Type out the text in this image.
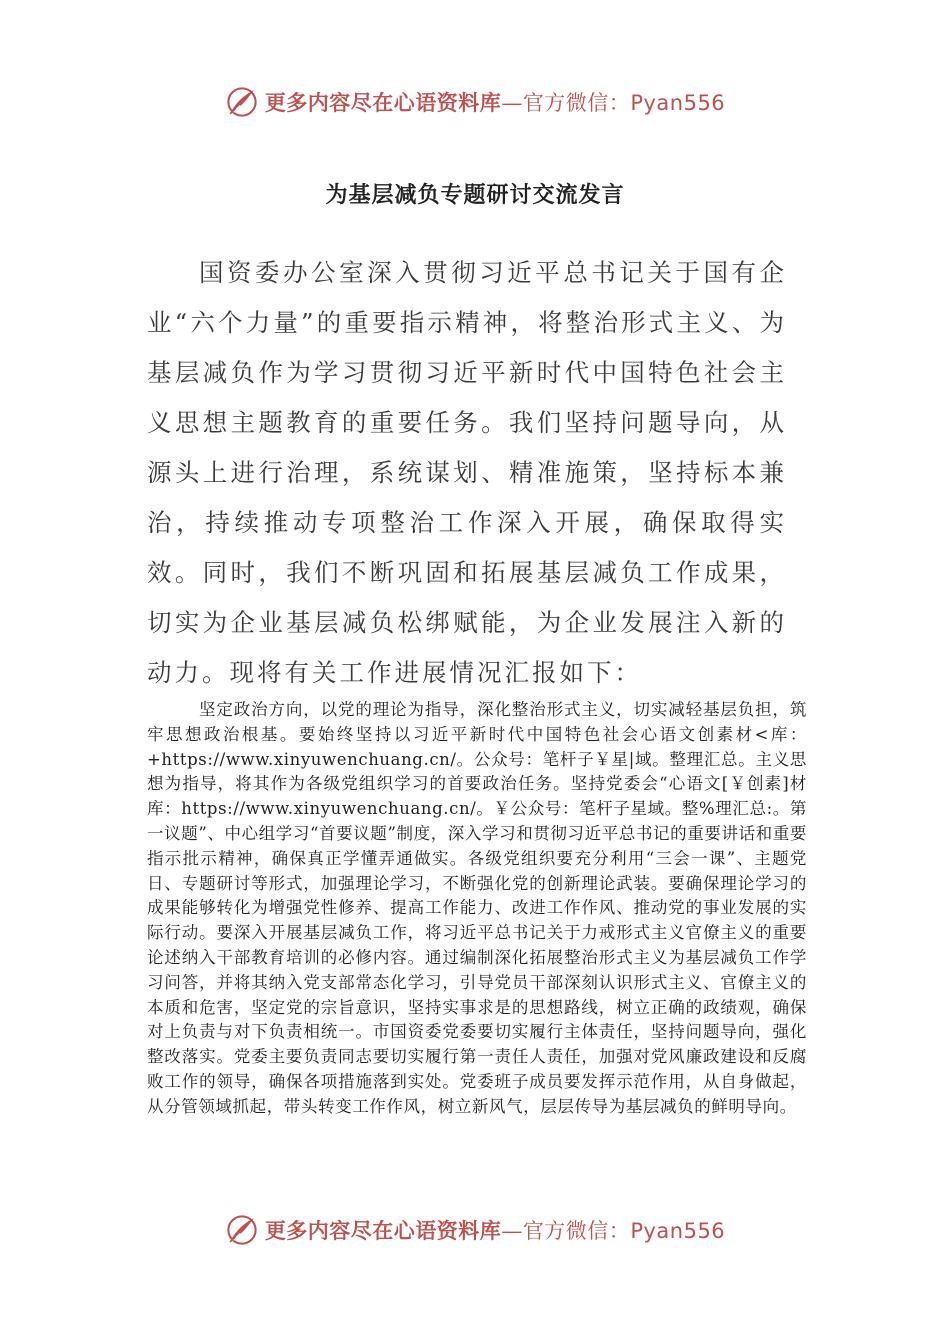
更多内容尽在心语资料库—官方微信：Pyan556
为基层减负专题研讨交流发言

国资委办公室深入贯彻习近平总书记关于国有企业“六个力量”的重要指示精神，将整治形式主义、为基层减负作为学习贯彻习近平新时代中国特色社会主义思想主题教育的重要任务。我们坚持问题导向，从源头上进行治理，系统谋划、精准施策，坚持标本兼治，持续推动专项整治工作深入开展，确保取得实效。同时，我们不断巩固和拓展基层减负工作成果，切实为企业基层减负松绑赋能，为企业发展注入新的动力。现将有关工作进展情况汇报如下：

坚定政治方向，以党的理论为指导，深化整治形式主义，切实减轻基层负担，筑牢思想政治根基。要始终坚持以习近平新时代中国特色社会心语文创素材<库：+https://www.xinyuwenchuang.cn/。公众号：笔杆子￥星|域。整理汇总。主义思想为指导，将其作为各级党组织学习的首要政治任务。坚持党委会“心语文[￥创素]材库：https://www.xinyuwenchuang.cn/。￥公众号：笔杆子星域。整%理汇总:。第一议题”、中心组学习“首要议题”制度，深入学习和贯彻习近平总书记的重要讲话和重要指示批示精神，确保真正学懂弄通做实。各级党组织要充分利用“三会一课”、主题党日、专题研讨等形式，加强理论学习，不断强化党的创新理论武装。要确保理论学习的成果能够转化为增强党性修养、提高工作能力、改进工作作风、推动党的事业发展的实际行动。要深入开展基层减负工作，将习近平总书记关于力戒形式主义官僚主义的重要论述纳入干部教育培训的必修内容。通过编制深化拓展整治形式主义为基层减负工作学习问答，并将其纳入党支部常态化学习，引导党员干部深刻认识形式主义、官僚主义的本质和危害，坚定党的宗旨意识，坚持实事求是的思想路线，树立正确的政绩观，确保对上负责与对下负责相统一。市国资委党委要切实履行主体责任，坚持问题导向，强化整改落实。党委主要负责同志要切实履行第一责任人责任，加强对党风廉政建设和反腐败工作的领导，确保各项措施落到实处。党委班子成员要发挥示范作用，从自身做起，从分管领域抓起，带头转变工作作风，树立新风气，层层传导为基层减负的鲜明导向。

更多内容尽在心语资料库—官方微信：Pyan556
